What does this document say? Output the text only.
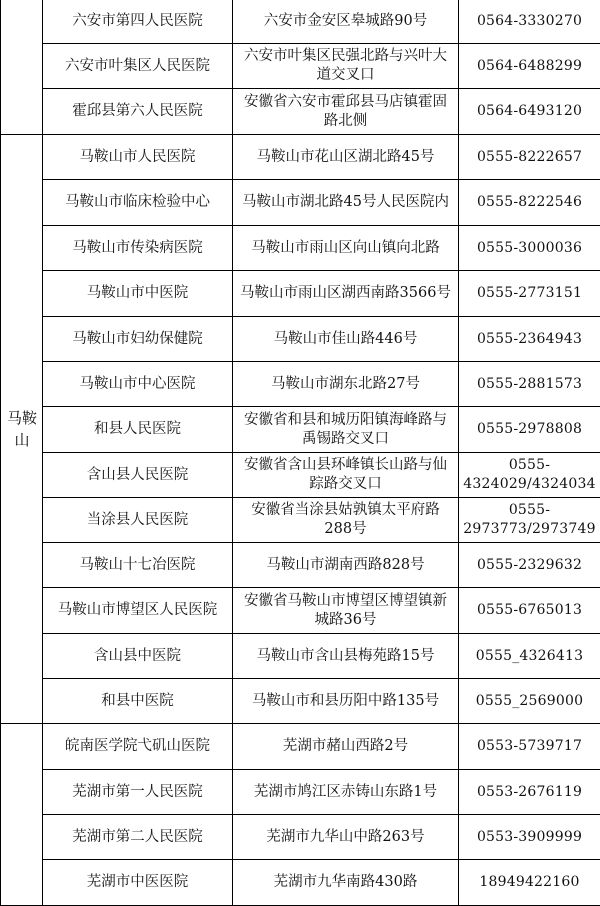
	六安市第四人民医院	六安市金安区皋城路90号	0564-3330270
	六安市叶集区人民医院	六安市叶集区民强北路与兴叶大道交叉口	0564-6488299
	霍邱县第六人民医院	安徽省六安市霍邱县马店镇霍固路北侧	0564-6493120
马鞍山	马鞍山市人民医院	马鞍山市花山区湖北路45号	0555-8222657
	马鞍山市临床检验中心	马鞍山市湖北路45号人民医院内	0555-8222546
	马鞍山市传染病医院	马鞍山市雨山区向山镇向北路	0555-3000036
	马鞍山市中医院	马鞍山市雨山区湖西南路3566号	0555-2773151
	马鞍山市妇幼保健院	马鞍山市佳山路446号	0555-2364943
	马鞍山市中心医院	马鞍山市湖东北路27号	0555-2881573
	和县人民医院	安徽省和县和城历阳镇海峰路与禹锡路交叉口	0555-2978808
	含山县人民医院	安徽省含山县环峰镇长山路与仙踪路交叉口	0555-4324029/4324034
	当涂县人民医院	安徽省当涂县姑孰镇太平府路288号	0555-2973773/2973749
	马鞍山十七冶医院	马鞍山市湖南西路828号	0555-2329632
	马鞍山市博望区人民医院	安徽省马鞍山市博望区博望镇新城路36号	0555-6765013
	含山县中医院	马鞍山市含山县梅苑路15号	0555_4326413
	和县中医院	马鞍山市和县历阳中路135号	0555_2569000
	皖南医学院弋矶山医院	芜湖市赭山西路2号	0553-5739717
	芜湖市第一人民医院	芜湖市鸠江区赤铸山东路1号	0553-2676119
	芜湖市第二人民医院	芜湖市九华山中路263号	0553-3909999
	芜湖市中医医院	芜湖市九华南路430路	18949422160
